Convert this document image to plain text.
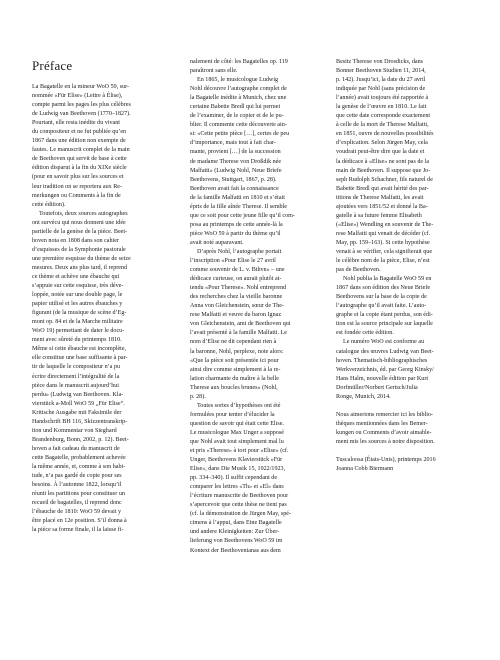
Préface

La Bagatelle en la mineur WoO 59, sur-

nommée «Für Elise» (Lettre à Élise),

compte parmi les pages les plus célèbres

de Ludwig van Beethoven (1770–1827).

Pourtant, elle resta inédite du vivant

du compositeur et ne fut publiée qu’en

1867 dans une édition non exempte de

fautes. Le manuscrit complet de la main

de Beethoven qui servit de base à cette

édition disparut à la fin du XIXe siècle

(pour en savoir plus sur les sources et

leur tradition on se reportera aux Re-

merkungen ou Comments à la fin de

cette édition).

Toutefois, deux sources autographes

ont survécu qui nous donnent une idée

partielle de la genèse de la pièce. Beet-

hoven nota en 1808 dans son cahier

d’esquisses de la Symphonie pastorale

une première esquisse du thème de seize

mesures. Deux ans plus tard, il reprend

ce thème et achève une ébauche qui

s’appuie sur cette esquisse, très déve-

loppée, notée sur une double page, le

papier utilisé et les autres ébauches y

figurant (de la musique de scène d’Eg-

mont op. 84 et de la Marche militaire

WoO 19) permettant de dater le docu-

ment avec sûreté du printemps 1810.

Même si cette ébauche est incomplète,

elle constitue une base suffisante à par-

tir de laquelle le compositeur n’a pu

écrire directement l’intégralité de la

pièce dans le manuscrit aujourd’hui

perdu» (Ludwig van Beethoven. Kla-

vierstück a-Moll WoO 59 „Für Elise“.

Kritische Ausgabe mit Faksimile der

Handschrift BH 116, Skizzentranskrip-

tion und Kommentar von Sieghard

Brandenburg, Bonn, 2002, p. 12). Beet-

hoven a fait cadeau du manuscrit de

cette Bagatelle, probablement achevée

la même année, et, comme à son habi-

tude, n’a pas gardé de copie pour ses

besoins. À l’automne 1822, lorsqu’il

réunit les partitions pour constituer un

recueil de bagatelles, il reprend donc

l’ébauche de 1810: WoO 59 devait y

être placé en 12e position. S’il donna à

la pièce sa forme finale, il la laisse fi-

nalement de côté: les Bagatelles op. 119

paraîtront sans elle.

En 1865, le musicologue Ludwig

Nohl découvre l’autographe complet de

la Bagatelle inédite à Munich, chez une

certaine Babette Bredl qui lui permet

de l’examiner, de le copier et de le pu-

blier. Il commente cette découverte ain-

si: «Cette petite pièce […], certes de peu

d’importance, mais tout à fait char-

mante, provient […] de la succession

de madame Therese von Droßdik née

Malfatti» (Ludwig Nohl, Neue Briefe

Beethovens, Stuttgart, 1867, p. 28).

Beethoven avait fait la connaissance

de la famille Malfatti en 1810 et s’était

épris de la fille aînée Therese. Il semble

que ce soit pour cette jeune fille qu’il com-

posa au printemps de cette année-là la

pièce WoO 59 à partir du thème qu’il

avait noté auparavant.

D’après Nohl, l’autographe portait

l’inscription «Pour Elise le 27 avril

comme souvenir de L. v. Bthvn» – une

dédicace curieuse, on aurait plutôt at-

tendu «Pour Therese». Nohl entreprend

des recherches chez la vieille baronne

Anna von Gleichenstein, sœur de The-

rese Malfatti et veuve du baron Ignaz

von Gleichenstein, ami de Beethoven qui

l’avait présenté à la famille Malfatti. Le

nom d’Elise ne dit cependant rien à

la baronne, Nohl, perplexe, note alors:

«Que la pièce soit présentée ici pour

ainsi dire comme simplement à la re-

lation charmante du maître à la belle

Therese aux boucles brunes» (Nohl,

p. 28).

Toutes sortes d’hypothèses ont été

formulées pour tenter d’élucider la

question de savoir qui était cette Elise.

Le musicologue Max Unger a supposé

que Nohl avait tout simplement mal lu

et pris «Therese» à tort pour «Elise» (cf.

Unger, Beethovens Klavierstück »Für

Elise«, dans Die Musik 15, 1922/1923,

pp. 334–340). Il suffit cependant de

comparer les lettres «Th» et «El» dans

l’écriture manuscrite de Beethoven pour

s’apercevoir que cette thèse ne tient pas

(cf. la démonstration de Jürgen May, spé-

cimens à l’appui, dans Eine Bagatelle

und andere Kleinigkeiten: Zur Über-

lieferung von Beethovens WoO 59 im

Kontext der Beethovenianas aus dem

Besitz Therese von Drosdicks, dans

Bonner Beethoven Studien 11, 2014,

p. 142). Jusqu’ici, la date du 27 avril

indiquée par Nohl (sans précision de

l’année) avait toujours été rapportée à

la genèse de l’œuvre en 1810. Le fait

que cette date corresponde exactement

à celle de la mort de Therese Malfatti,

en 1851, ouvre de nouvelles possibilités

d’explication. Selon Jürgen May, cela

voudrait peut-être dire que la date et

la dédicace à «Elise» ne sont pas de la

main de Beethoven. Il suppose que Jo-

seph Rudolph Schachner, fils naturel de

Babette Bredl qui avait hérité des par-

titions de Therese Malfatti, les avait

ajoutées vers 1851/52 et donné la Ba-

gatelle à sa future femme Elisabeth

(«Elise») Wendling en souvenir de The-

rese Malfatti qui venait de décéder (cf.

May, pp. 159–163). Si cette hypothèse

venait à se vérifier, cela signifierait que

le célèbre nom de la pièce, Elise, n’est

pas de Beethoven.

Nohl publia la Bagatelle WoO 59 en

1867 dans son édition des Neue Briefe

Beethovens sur la base de la copie de

l’autographe qu’il avait faite. L’auto-

graphe et la copie étant perdus, son édi-

tion est la source principale sur laquelle

est fondée cette édition.

Le numéro WoO est conforme au

catalogue des œuvres Ludwig van Beet-

hoven. Thematisch-bibliographisches

Werkverzeichnis, éd. par Georg Kinsky/

Hans Halm, nouvelle édition par Kurt

Dorfmüller/Norbert Gertsch/Julia

Ronge, Munich, 2014.

Nous aimerions remercier ici les biblio-

thèques mentionnées dans les Bemer-

kungen ou Comments d’avoir aimable-

ment mis les sources à notre disposition.

Tuscaloosa (États-Unis), printemps 2016

Joanna Cobb Biermann
